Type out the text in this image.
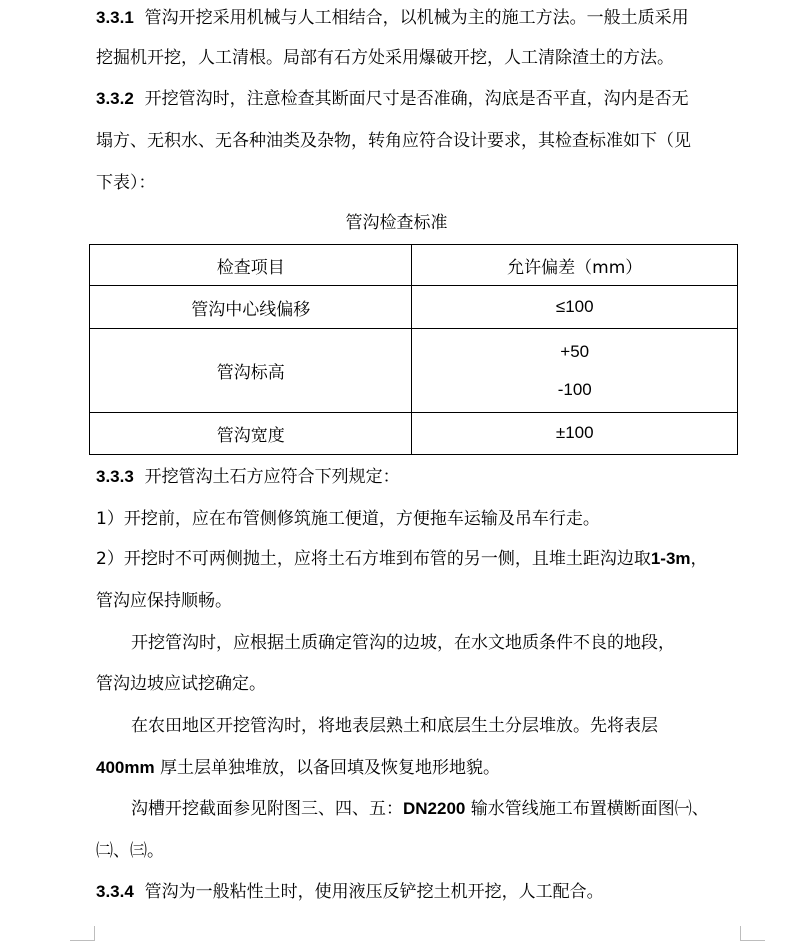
3.3.1 管沟开挖采用机械与人工相结合，以机械为主的施工方法。一般土质采用
挖掘机开挖，人工清根。局部有石方处采用爆破开挖，人工清除渣土的方法。
3.3.2 开挖管沟时，注意检查其断面尺寸是否准确，沟底是否平直，沟内是否无
塌方、无积水、无各种油类及杂物，转角应符合设计要求，其检查标准如下（见
下表）：
管沟检查标准
检查项目	允许偏差（mm）
管沟中心线偏移	≤100
管沟标高	+50
-100

管沟宽度	±100
3.3.3 开挖管沟土石方应符合下列规定：
1）开挖前，应在布管侧修筑施工便道，方便拖车运输及吊车行走。
2）开挖时不可两侧抛土，应将土石方堆到布管的另一侧，且堆土距沟边取1-3m，
管沟应保持顺畅。
开挖管沟时，应根据土质确定管沟的边坡，在水文地质条件不良的地段，
管沟边坡应试挖确定。
在农田地区开挖管沟时，将地表层熟土和底层生土分层堆放。先将表层
400mm 厚土层单独堆放，以备回填及恢复地形地貌。
沟槽开挖截面参见附图三、四、五：DN2200 输水管线施工布置横断面图㈠、
㈡、㈢。
3.3.4 管沟为一般粘性土时，使用液压反铲挖土机开挖，人工配合。
